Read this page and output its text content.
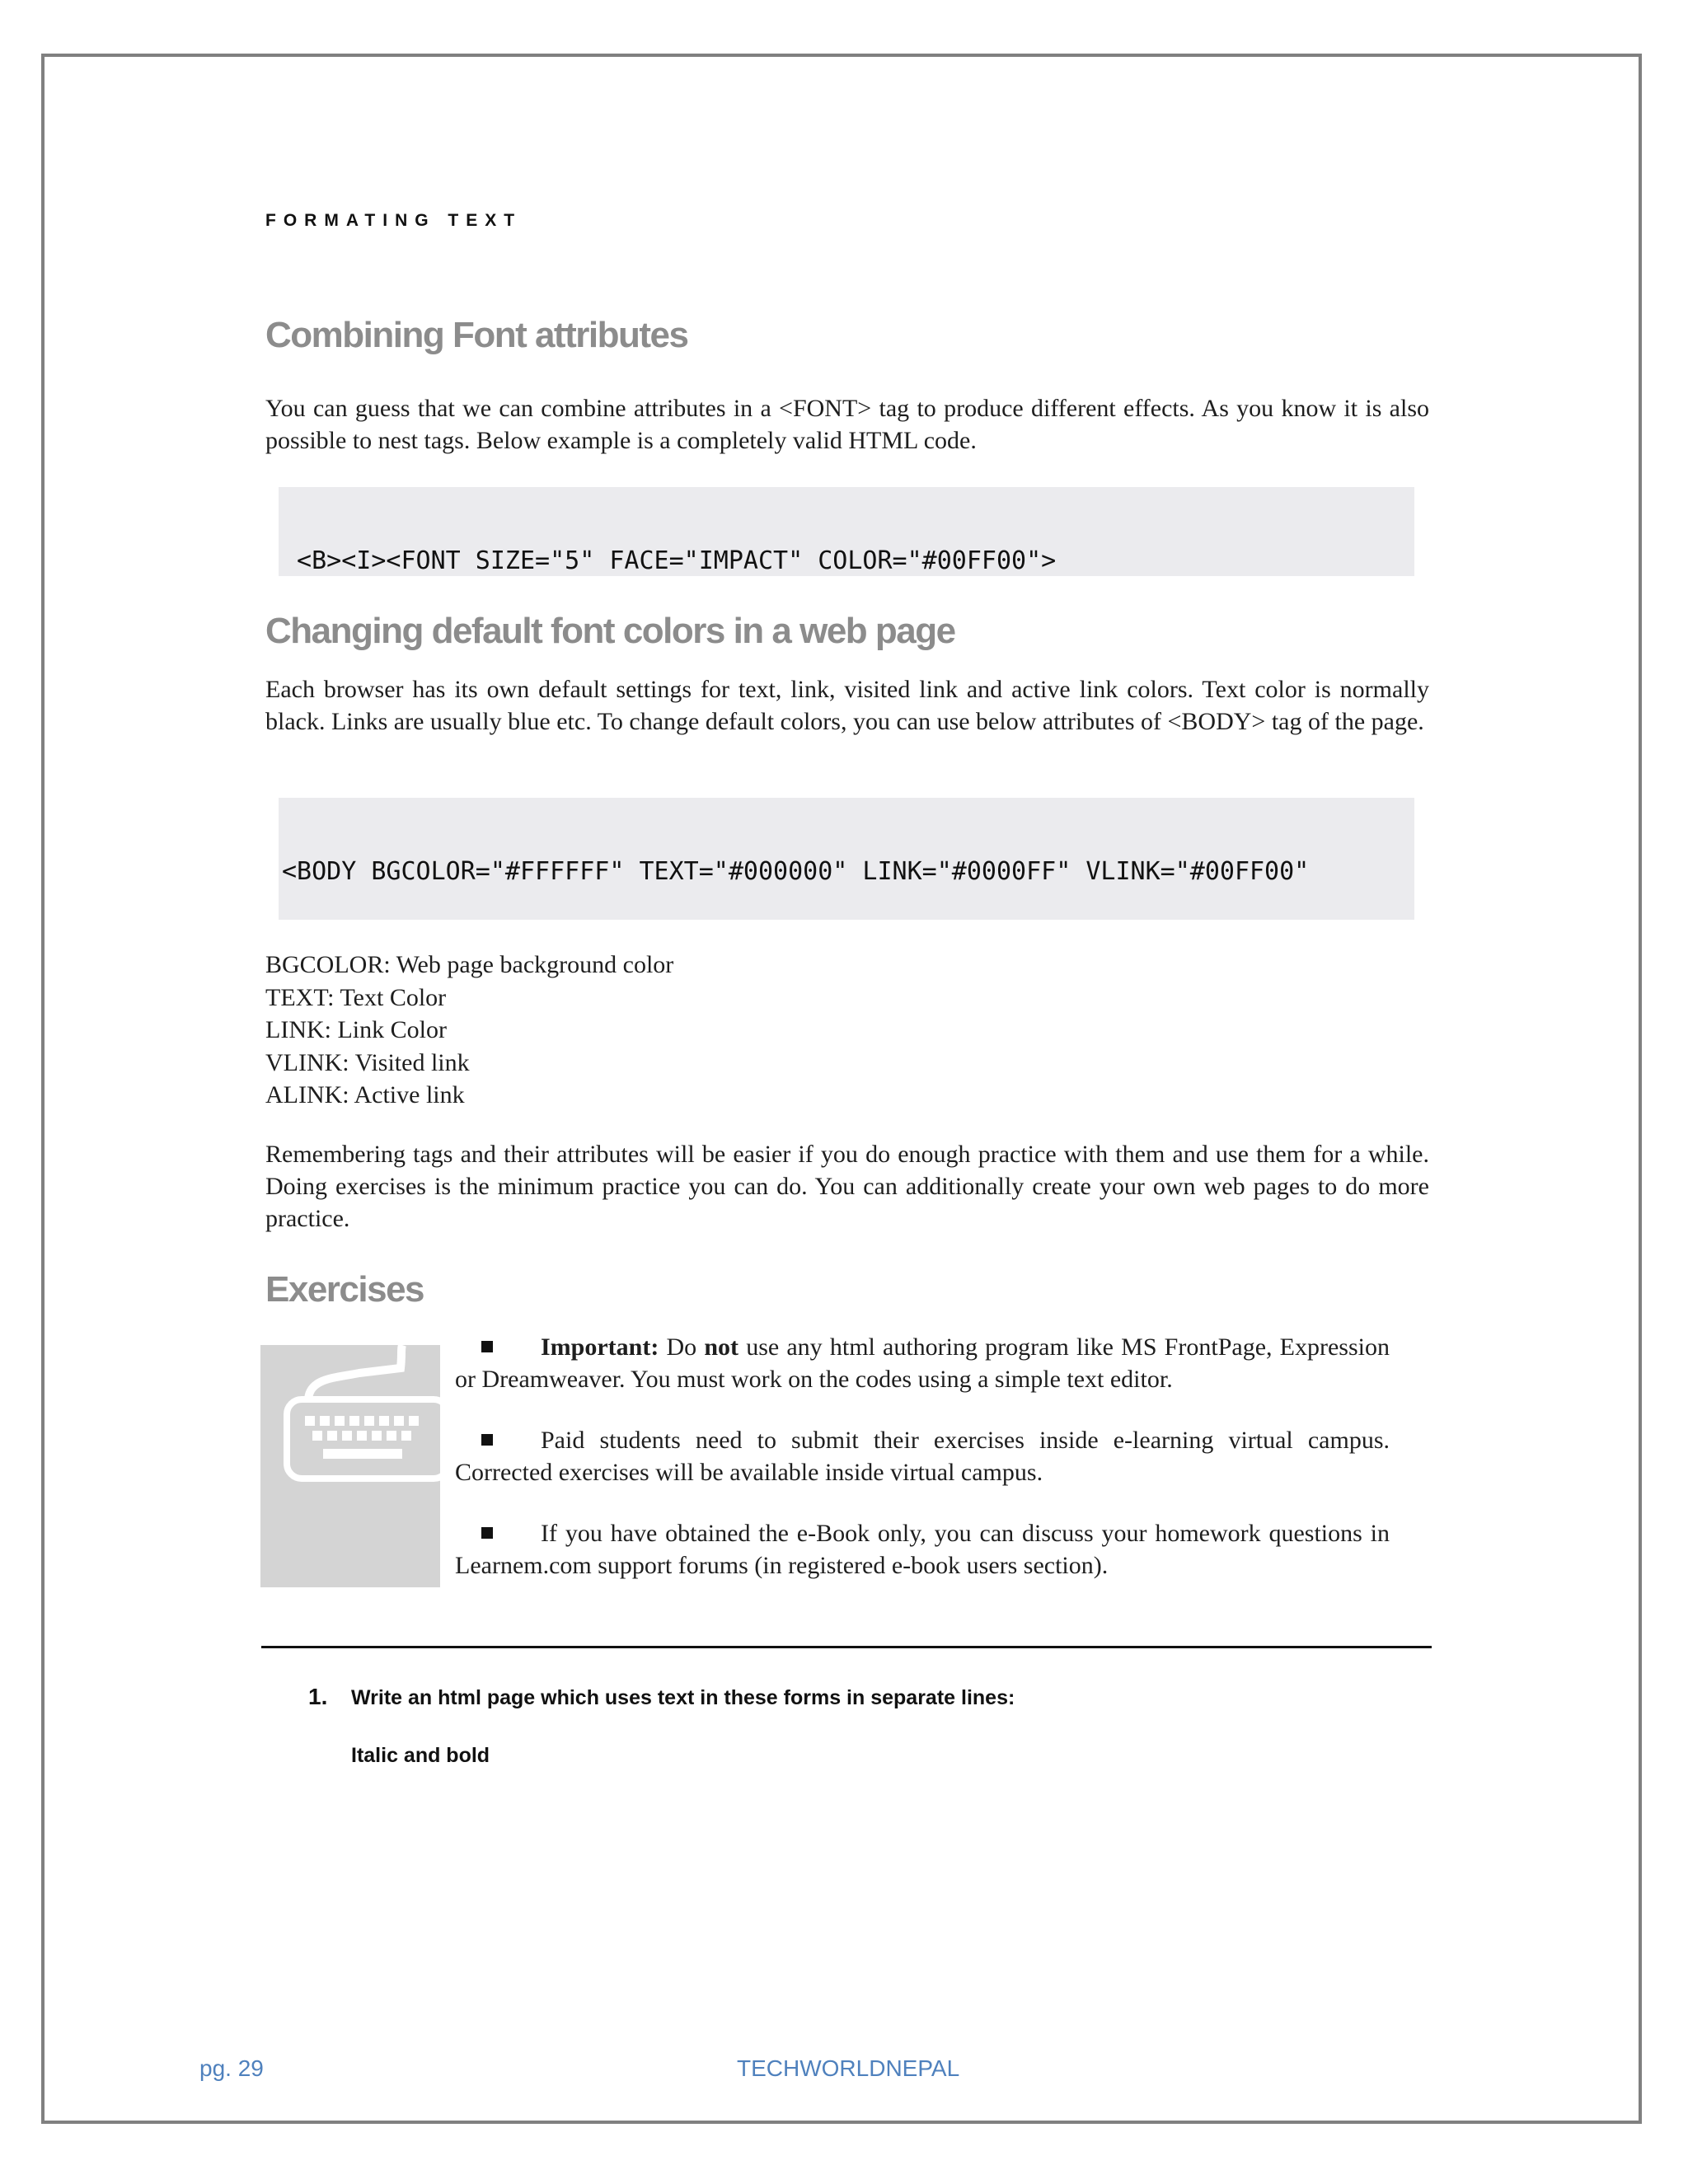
FORMATING TEXT
Combining Font attributes

You can guess that we can combine attributes in a <FONT> tag to produce different effects. As you know it is also possible to nest tags. Below example is a completely valid HTML code.

<B><I><FONT SIZE="5" FACE="IMPACT" COLOR="#00FF00">

Changing default font colors in a web page

Each browser has its own default settings for text, link, visited link and active link colors. Text color is normally black. Links are usually blue etc. To change default colors, you can use below attributes of <BODY> tag of the page.

<BODY BGCOLOR="#FFFFFF" TEXT="#000000" LINK="#0000FF" VLINK="#00FF00"

BGCOLOR: Web page background color
TEXT: Text Color
LINK: Link Color
VLINK: Visited link
ALINK: Active link

Remembering tags and their attributes will be easier if you do enough practice with them and use them for a while. Doing exercises is the minimum practice you can do. You can additionally create your own web pages to do more practice.

Exercises

Important: Do not use any html authoring program like MS FrontPage, Expression or Dreamweaver. You must work on the codes using a simple text editor.

Paid students need to submit their exercises inside e-learning virtual campus. Corrected exercises will be available inside virtual campus.

If you have obtained the e-Book only, you can discuss your homework questions in Learnem.com support forums (in registered e-book users section).

1. Write an html page which uses text in these forms in separate lines:
Italic and bold
pg. 29	TECHWORLDNEPAL
